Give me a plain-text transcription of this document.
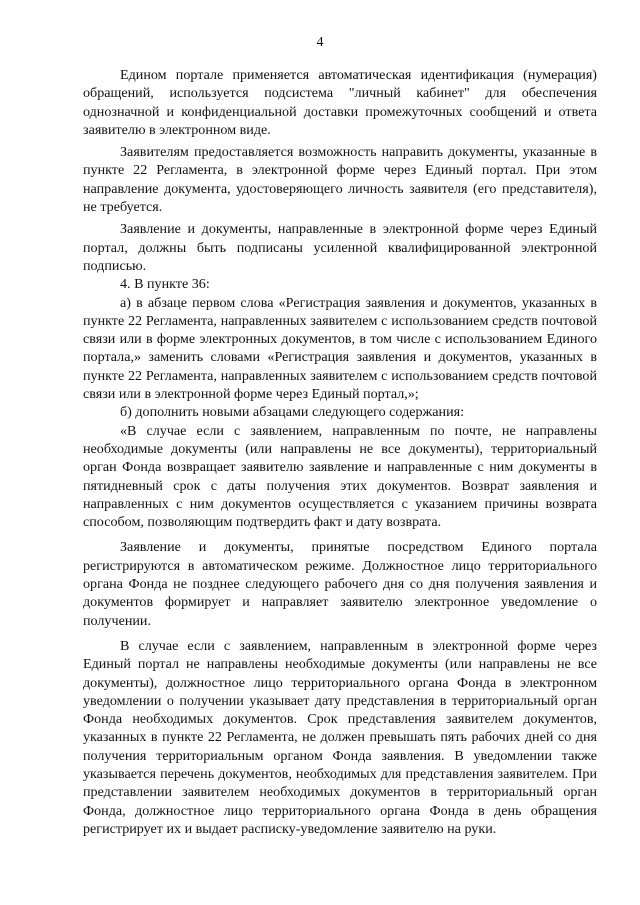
4

Едином портале применяется автоматическая идентификация (нумерация) обращений, используется подсистема "личный кабинет" для обеспечения однозначной и конфиденциальной доставки промежуточных сообщений и ответа заявителю в электронном виде.

Заявителям предоставляется возможность направить документы, указанные в пункте 22 Регламента, в электронной форме через Единый портал. При этом направление документа, удостоверяющего личность заявителя (его представителя), не требуется.

Заявление и документы, направленные в электронной форме через Единый портал, должны быть подписаны усиленной квалифицированной электронной подписью.

4. В пункте 36:

а) в абзаце первом слова «Регистрация заявления и документов, указанных в пункте 22 Регламента, направленных заявителем с использованием средств почтовой связи или в форме электронных документов, в том числе с использованием Единого портала,» заменить словами «Регистрация заявления и документов, указанных в пункте 22 Регламента, направленных заявителем с использованием средств почтовой связи или в электронной форме через Единый портал,»;

б) дополнить новыми абзацами следующего содержания:

«В случае если с заявлением, направленным по почте, не направлены необходимые документы (или направлены не все документы), территориальный орган Фонда возвращает заявителю заявление и направленные с ним документы в пятидневный срок с даты получения этих документов. Возврат заявления и направленных с ним документов осуществляется с указанием причины возврата способом, позволяющим подтвердить факт и дату возврата.

Заявление и документы, принятые посредством Единого портала регистрируются в автоматическом режиме. Должностное лицо территориального органа Фонда не позднее следующего рабочего дня со дня получения заявления и документов формирует и направляет заявителю электронное уведомление о получении.

В случае если с заявлением, направленным в электронной форме через Единый портал не направлены необходимые документы (или направлены не все документы), должностное лицо территориального органа Фонда в электронном уведомлении о получении указывает дату представления в территориальный орган Фонда необходимых документов. Срок представления заявителем документов, указанных в пункте 22 Регламента, не должен превышать пять рабочих дней со дня получения территориальным органом Фонда заявления. В уведомлении также указывается перечень документов, необходимых для представления заявителем. При представлении заявителем необходимых документов в территориальный орган Фонда, должностное лицо территориального органа Фонда в день обращения регистрирует их и выдает расписку-уведомление заявителю на руки.
